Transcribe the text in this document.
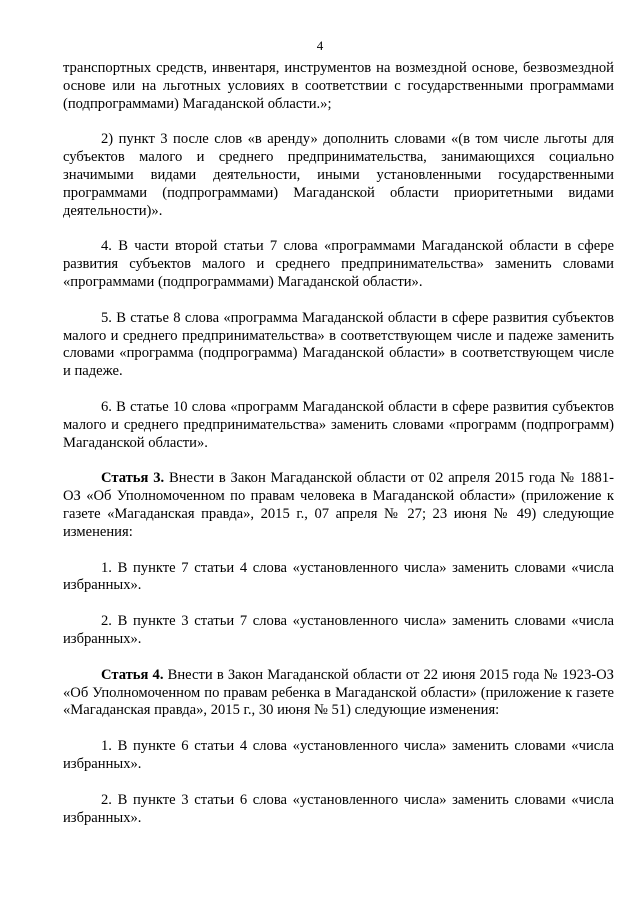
4

транспортных средств, инвентаря, инструментов на возмездной основе, безвозмездной основе или на льготных условиях в соответствии с государственными программами (подпрограммами) Магаданской области.»;

2) пункт 3 после слов «в аренду» дополнить словами «(в том числе льготы для субъектов малого и среднего предпринимательства, занимающихся социально значимыми видами деятельности, иными установленными государственными программами (подпрограммами) Магаданской области приоритетными видами деятельности)».

4. В части второй статьи 7 слова «программами Магаданской области в сфере развития субъектов малого и среднего предпринимательства» заменить словами «программами (подпрограммами) Магаданской области».

5. В статье 8 слова «программа Магаданской области в сфере развития субъектов малого и среднего предпринимательства» в соответствующем числе и падеже заменить словами «программа (подпрограмма) Магаданской области» в соответствующем числе и падеже.

6. В статье 10 слова «программ Магаданской области в сфере развития субъектов малого и среднего предпринимательства» заменить словами «программ (подпрограмм) Магаданской области».

Статья 3. Внести в Закон Магаданской области от 02 апреля 2015 года № 1881-ОЗ «Об Уполномоченном по правам человека в Магаданской области» (приложение к газете «Магаданская правда», 2015 г., 07 апреля № 27; 23 июня № 49) следующие изменения:

1. В пункте 7 статьи 4 слова «установленного числа» заменить словами «числа избранных».

2. В пункте 3 статьи 7 слова «установленного числа» заменить словами «числа избранных».

Статья 4. Внести в Закон Магаданской области от 22 июня 2015 года № 1923-ОЗ «Об Уполномоченном по правам ребенка в Магаданской области» (приложение к газете «Магаданская правда», 2015 г., 30 июня № 51) следующие изменения:

1. В пункте 6 статьи 4 слова «установленного числа» заменить словами «числа избранных».

2. В пункте 3 статьи 6 слова «установленного числа» заменить словами «числа избранных».
